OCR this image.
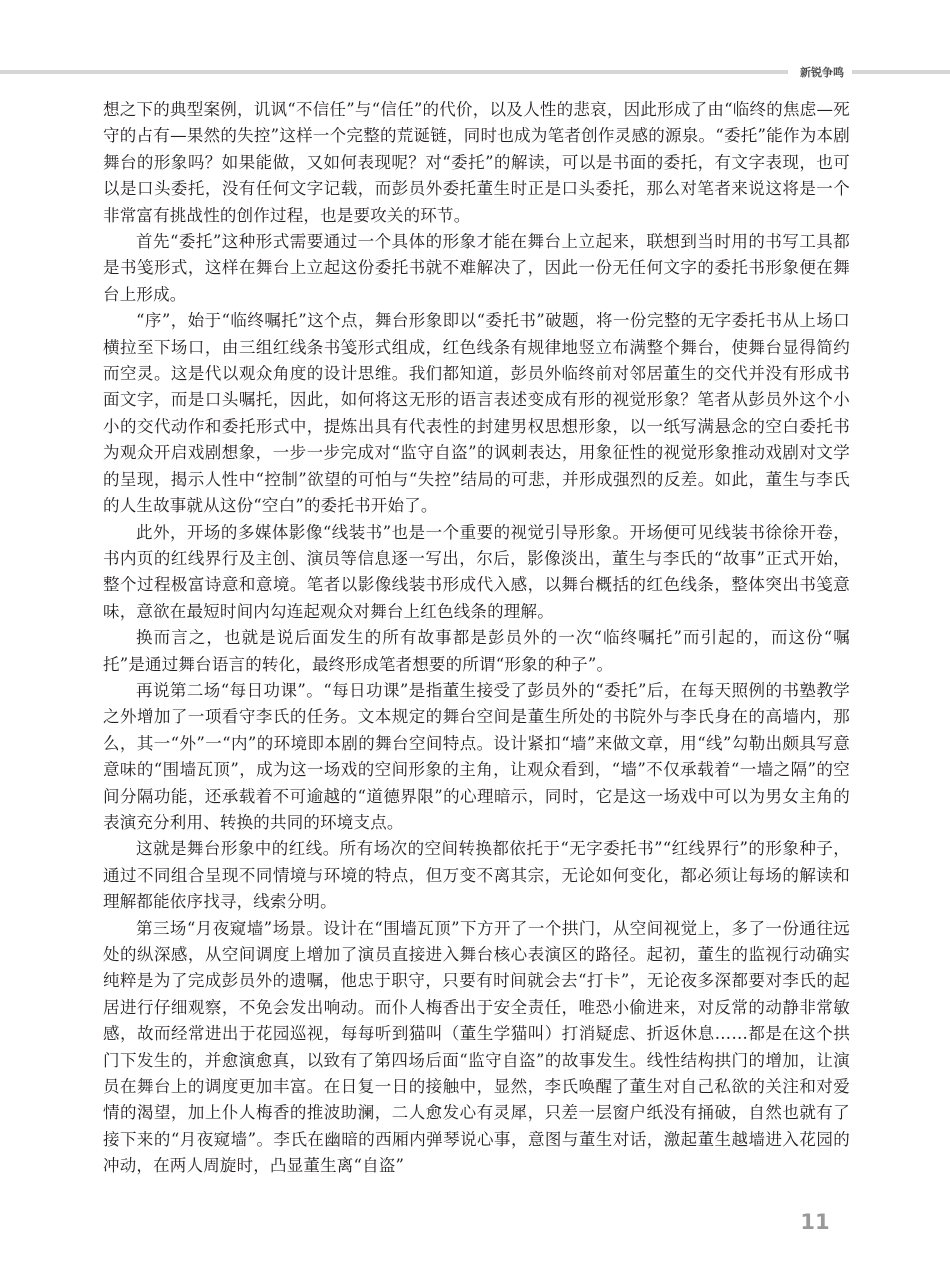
新锐争鸣

想之下的典型案例，讥讽“不信任”与“信任”的代价，以及人性的悲哀，因此形成了由“临终的焦虑—死守的占有—果然的失控”这样一个完整的荒诞链，同时也成为笔者创作灵感的源泉。“委托”能作为本剧舞台的形象吗？如果能做，又如何表现呢？对“委托”的解读，可以是书面的委托，有文字表现，也可以是口头委托，没有任何文字记载，而彭员外委托董生时正是口头委托，那么对笔者来说这将是一个非常富有挑战性的创作过程，也是要攻关的环节。

首先“委托”这种形式需要通过一个具体的形象才能在舞台上立起来，联想到当时用的书写工具都是书笺形式，这样在舞台上立起这份委托书就不难解决了，因此一份无任何文字的委托书形象便在舞台上形成。

“序”，始于“临终嘱托”这个点，舞台形象即以“委托书”破题，将一份完整的无字委托书从上场口横拉至下场口，由三组红线条书笺形式组成，红色线条有规律地竖立布满整个舞台，使舞台显得简约而空灵。这是代以观众角度的设计思维。我们都知道，彭员外临终前对邻居董生的交代并没有形成书面文字，而是口头嘱托，因此，如何将这无形的语言表述变成有形的视觉形象？笔者从彭员外这个小小的交代动作和委托形式中，提炼出具有代表性的封建男权思想形象，以一纸写满悬念的空白委托书为观众开启戏剧想象，一步一步完成对“监守自盗”的讽刺表达，用象征性的视觉形象推动戏剧对文学的呈现，揭示人性中“控制”欲望的可怕与“失控”结局的可悲，并形成强烈的反差。如此，董生与李氏的人生故事就从这份“空白”的委托书开始了。

此外，开场的多媒体影像“线装书”也是一个重要的视觉引导形象。开场便可见线装书徐徐开卷，书内页的红线界行及主创、演员等信息逐一写出，尔后，影像淡出，董生与李氏的“故事”正式开始，整个过程极富诗意和意境。笔者以影像线装书形成代入感，以舞台概括的红色线条，整体突出书笺意味，意欲在最短时间内勾连起观众对舞台上红色线条的理解。

换而言之，也就是说后面发生的所有故事都是彭员外的一次“临终嘱托”而引起的，而这份“嘱托”是通过舞台语言的转化，最终形成笔者想要的所谓“形象的种子”。

再说第二场“每日功课”。“每日功课”是指董生接受了彭员外的“委托”后，在每天照例的书塾教学之外增加了一项看守李氏的任务。文本规定的舞台空间是董生所处的书院外与李氏身在的高墙内，那么，其一“外”一“内”的环境即本剧的舞台空间特点。设计紧扣“墙”来做文章，用“线”勾勒出颇具写意意味的“围墙瓦顶”，成为这一场戏的空间形象的主角，让观众看到，“墙”不仅承载着“一墙之隔”的空间分隔功能，还承载着不可逾越的“道德界限”的心理暗示，同时，它是这一场戏中可以为男女主角的表演充分利用、转换的共同的环境支点。

这就是舞台形象中的红线。所有场次的空间转换都依托于“无字委托书”“红线界行”的形象种子，通过不同组合呈现不同情境与环境的特点，但万变不离其宗，无论如何变化，都必须让每场的解读和理解都能依序找寻，线索分明。

第三场“月夜窥墙”场景。设计在“围墙瓦顶”下方开了一个拱门，从空间视觉上，多了一份通往远处的纵深感，从空间调度上增加了演员直接进入舞台核心表演区的路径。起初，董生的监视行动确实纯粹是为了完成彭员外的遗嘱，他忠于职守，只要有时间就会去“打卡”，无论夜多深都要对李氏的起居进行仔细观察，不免会发出响动。而仆人梅香出于安全责任，唯恐小偷进来，对反常的动静非常敏感，故而经常进出于花园巡视，每每听到猫叫（董生学猫叫）打消疑虑、折返休息……都是在这个拱门下发生的，并愈演愈真，以致有了第四场后面“监守自盗”的故事发生。线性结构拱门的增加，让演员在舞台上的调度更加丰富。在日复一日的接触中，显然，李氏唤醒了董生对自己私欲的关注和对爱情的渴望，加上仆人梅香的推波助澜，二人愈发心有灵犀，只差一层窗户纸没有捅破，自然也就有了接下来的“月夜窥墙”。李氏在幽暗的西厢内弹琴说心事，意图与董生对话，激起董生越墙进入花园的冲动，在两人周旋时，凸显董生离“自盗”

11
